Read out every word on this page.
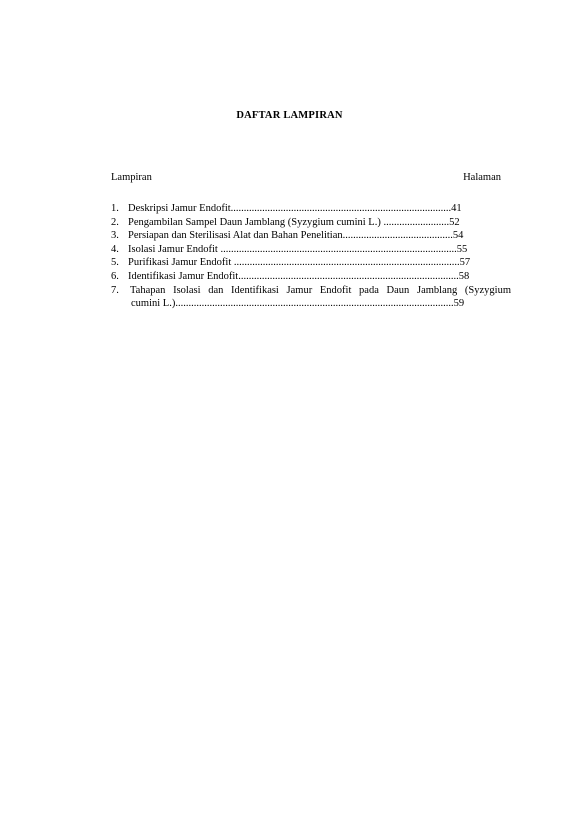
DAFTAR LAMPIRAN
Lampiran	Halaman
1. Deskripsi Jamur Endofit.................................................................................... 41
2. Pengambilan Sampel Daun Jamblang (Syzygium cumini L.) ......................... 52
3. Persiapan dan Sterilisasi Alat dan Bahan Penelitian.......................................... 54
4. Isolasi Jamur Endofit .......................................................................................... 55
5. Purifikasi Jamur Endofit ...................................................................................... 57
6. Identifikasi Jamur Endofit.................................................................................... 58
7.	Tahapan Isolasi dan Identifikasi Jamur Endofit pada Daun Jamblang (Syzygium
cumini L.).......................................................................................................... 59
